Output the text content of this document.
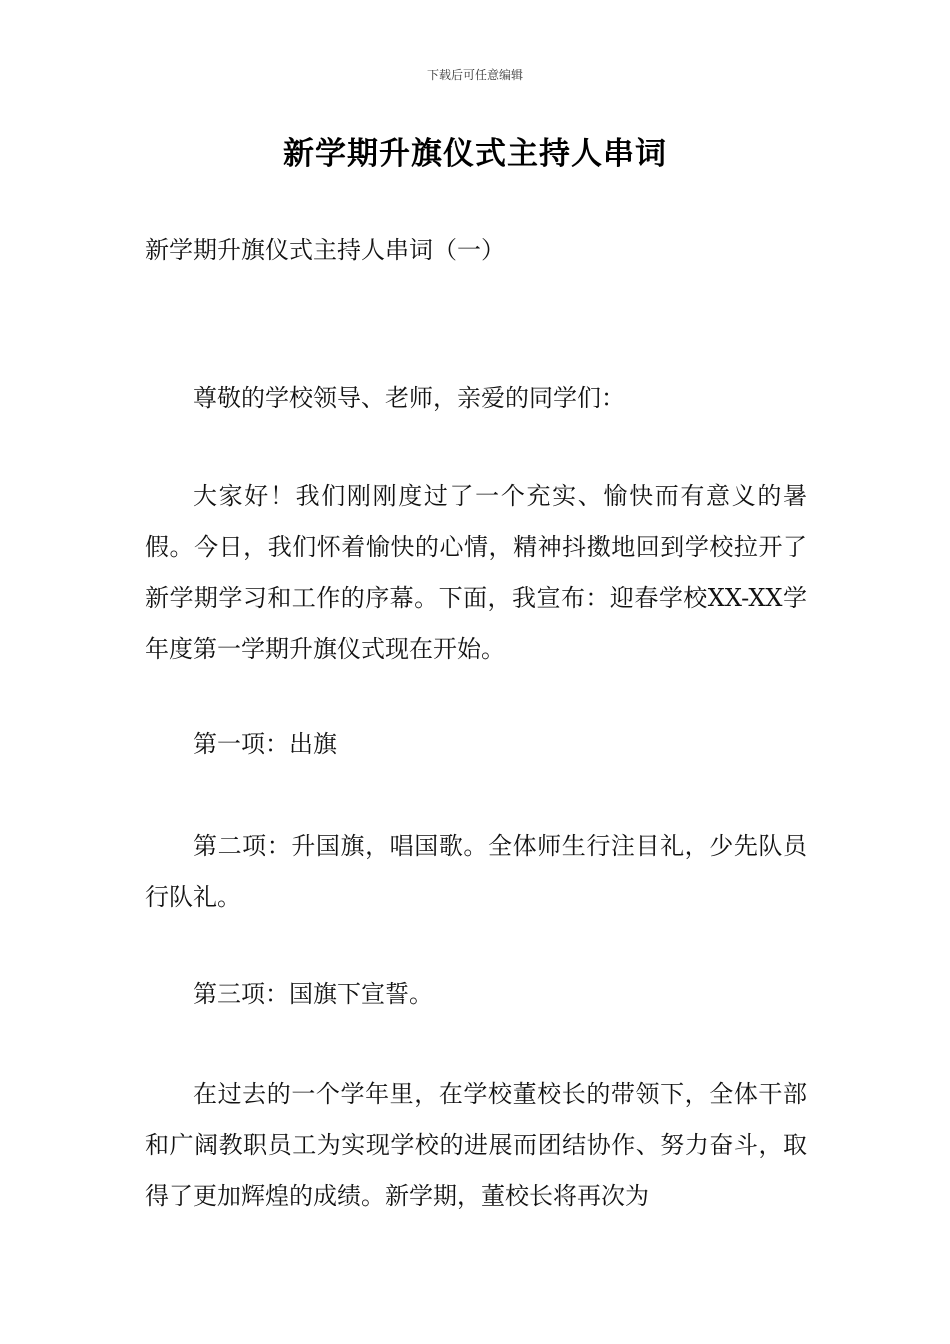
下载后可任意编辑
新学期升旗仪式主持人串词

新学期升旗仪式主持人串词（一）

尊敬的学校领导、老师，亲爱的同学们：

大家好！我们刚刚度过了一个充实、愉快而有意义的暑假。今日，我们怀着愉快的心情，精神抖擞地回到学校拉开了新学期学习和工作的序幕。下面，我宣布：迎春学校XX-XX学年度第一学期升旗仪式现在开始。

第一项：出旗

第二项：升国旗，唱国歌。全体师生行注目礼，少先队员行队礼。

第三项：国旗下宣誓。

在过去的一个学年里，在学校董校长的带领下，全体干部和广阔教职员工为实现学校的进展而团结协作、努力奋斗，取得了更加辉煌的成绩。新学期，董校长将再次为
